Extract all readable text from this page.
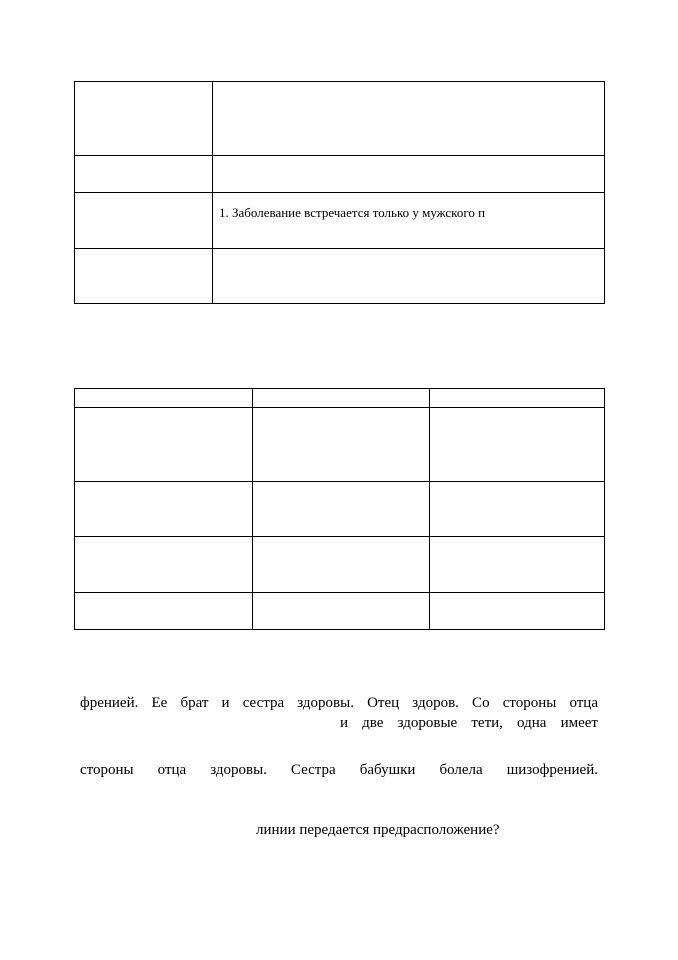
	1. Заболевание встречается только у мужского п

френией. Ее брат и сестра здоровы. Отец здоров. Со стороны отца
и две здоровые тети, одна имеет
стороны отца здоровы. Сестра бабушки болела шизофренией.
линии передается предрасположение?
